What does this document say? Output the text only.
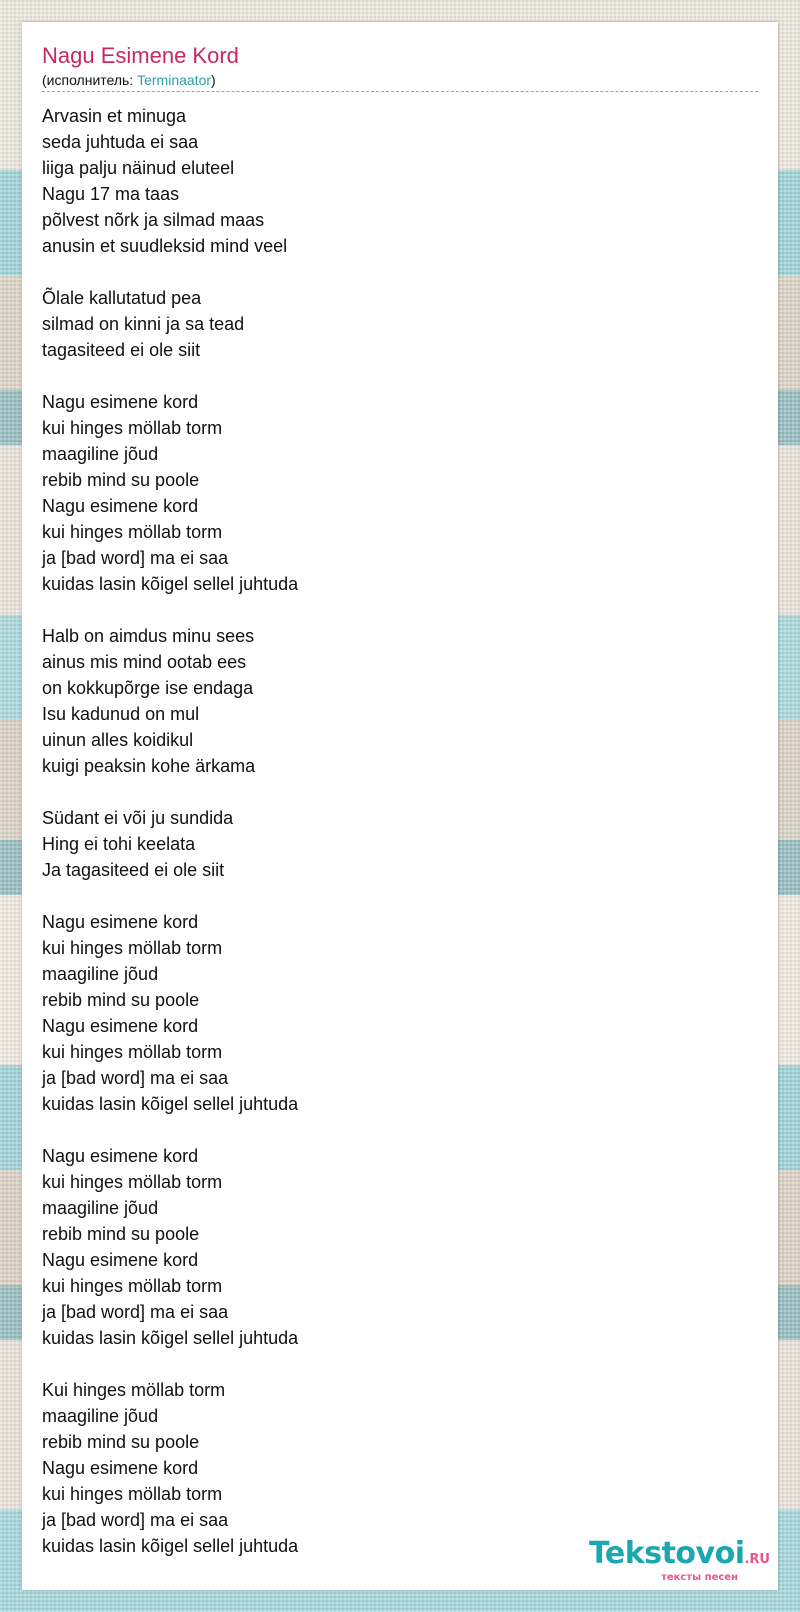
Nagu Esimene Kord
(исполнитель: Terminaator)
Arvasin et minuga
seda juhtuda ei saa
liiga palju näinud eluteel
Nagu 17 ma taas
põlvest nõrk ja silmad maas
anusin et suudleksid mind veel
Õlale kallutatud pea
silmad on kinni ja sa tead
tagasiteed ei ole siit
Nagu esimene kord
kui hinges möllab torm
maagiline jõud
rebib mind su poole
Nagu esimene kord
kui hinges möllab torm
ja [bad word] ma ei saa
kuidas lasin kõigel sellel juhtuda
Halb on aimdus minu sees
ainus mis mind ootab ees
on kokkupõrge ise endaga
Isu kadunud on mul
uinun alles koidikul
kuigi peaksin kohe ärkama
Südant ei või ju sundida
Hing ei tohi keelata
Ja tagasiteed ei ole siit
Nagu esimene kord
kui hinges möllab torm
maagiline jõud
rebib mind su poole
Nagu esimene kord
kui hinges möllab torm
ja [bad word] ma ei saa
kuidas lasin kõigel sellel juhtuda
Nagu esimene kord
kui hinges möllab torm
maagiline jõud
rebib mind su poole
Nagu esimene kord
kui hinges möllab torm
ja [bad word] ma ei saa
kuidas lasin kõigel sellel juhtuda
Kui hinges möllab torm
maagiline jõud
rebib mind su poole
Nagu esimene kord
kui hinges möllab torm
ja [bad word] ma ei saa
kuidas lasin kõigel sellel juhtuda	Tekstovoi.RU
тексты песен
